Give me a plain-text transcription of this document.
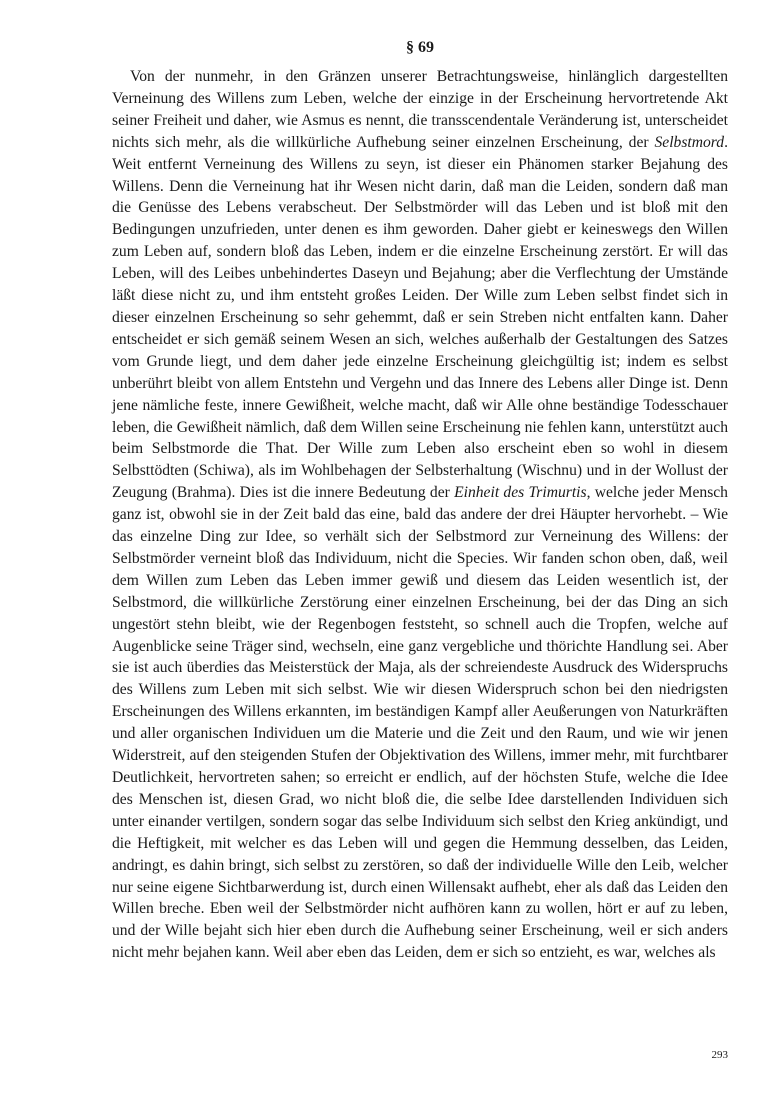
§ 69

Von der nunmehr, in den Gränzen unserer Betrachtungsweise, hinlänglich dargestellten Verneinung des Willens zum Leben, welche der einzige in der Erscheinung hervortretende Akt seiner Freiheit und daher, wie Asmus es nennt, die transscendentale Veränderung ist, unterscheidet nichts sich mehr, als die willkürliche Aufhebung seiner einzelnen Erscheinung, der Selbstmord. Weit entfernt Verneinung des Willens zu seyn, ist dieser ein Phänomen starker Bejahung des Willens. Denn die Verneinung hat ihr Wesen nicht darin, daß man die Leiden, sondern daß man die Genüsse des Lebens verabscheut. Der Selbstmörder will das Leben und ist bloß mit den Bedingungen unzufrieden, unter denen es ihm geworden. Daher giebt er keineswegs den Willen zum Leben auf, sondern bloß das Leben, indem er die einzelne Erscheinung zerstört. Er will das Leben, will des Leibes unbehindertes Daseyn und Bejahung; aber die Verflechtung der Umstände läßt diese nicht zu, und ihm entsteht großes Leiden. Der Wille zum Leben selbst findet sich in dieser einzelnen Erscheinung so sehr gehemmt, daß er sein Streben nicht entfalten kann. Daher entscheidet er sich gemäß seinem Wesen an sich, welches außerhalb der Gestaltungen des Satzes vom Grunde liegt, und dem daher jede einzelne Erscheinung gleichgültig ist; indem es selbst unberührt bleibt von allem Entstehn und Vergehn und das Innere des Lebens aller Dinge ist. Denn jene nämliche feste, innere Gewißheit, welche macht, daß wir Alle ohne beständige Todesschauer leben, die Gewißheit nämlich, daß dem Willen seine Erscheinung nie fehlen kann, unterstützt auch beim Selbstmorde die That. Der Wille zum Leben also erscheint eben so wohl in diesem Selbsttödten (Schiwa), als im Wohlbehagen der Selbsterhaltung (Wischnu) und in der Wollust der Zeugung (Brahma). Dies ist die innere Bedeutung der Einheit des Trimurtis, welche jeder Mensch ganz ist, obwohl sie in der Zeit bald das eine, bald das andere der drei Häupter hervorhebt. – Wie das einzelne Ding zur Idee, so verhält sich der Selbstmord zur Verneinung des Willens: der Selbstmörder verneint bloß das Individuum, nicht die Species. Wir fanden schon oben, daß, weil dem Willen zum Leben das Leben immer gewiß und diesem das Leiden wesentlich ist, der Selbstmord, die willkürliche Zerstörung einer einzelnen Erscheinung, bei der das Ding an sich ungestört stehn bleibt, wie der Regenbogen feststeht, so schnell auch die Tropfen, welche auf Augenblicke seine Träger sind, wechseln, eine ganz vergebliche und thörichte Handlung sei. Aber sie ist auch überdies das Meisterstück der Maja, als der schreiendeste Ausdruck des Widerspruchs des Willens zum Leben mit sich selbst. Wie wir diesen Widerspruch schon bei den niedrigsten Erscheinungen des Willens erkannten, im beständigen Kampf aller Aeußerungen von Naturkräften und aller organischen Individuen um die Materie und die Zeit und den Raum, und wie wir jenen Widerstreit, auf den steigenden Stufen der Objektivation des Willens, immer mehr, mit furchtbarer Deutlichkeit, hervortreten sahen; so erreicht er endlich, auf der höchsten Stufe, welche die Idee des Menschen ist, diesen Grad, wo nicht bloß die, die selbe Idee darstellenden Individuen sich unter einander vertilgen, sondern sogar das selbe Individuum sich selbst den Krieg ankündigt, und die Heftigkeit, mit welcher es das Leben will und gegen die Hemmung desselben, das Leiden, andringt, es dahin bringt, sich selbst zu zerstören, so daß der individuelle Wille den Leib, welcher nur seine eigene Sichtbarwerdung ist, durch einen Willensakt aufhebt, eher als daß das Leiden den Willen breche. Eben weil der Selbstmörder nicht aufhören kann zu wollen, hört er auf zu leben, und der Wille bejaht sich hier eben durch die Aufhebung seiner Erscheinung, weil er sich anders nicht mehr bejahen kann. Weil aber eben das Leiden, dem er sich so entzieht, es war, welches als

293
